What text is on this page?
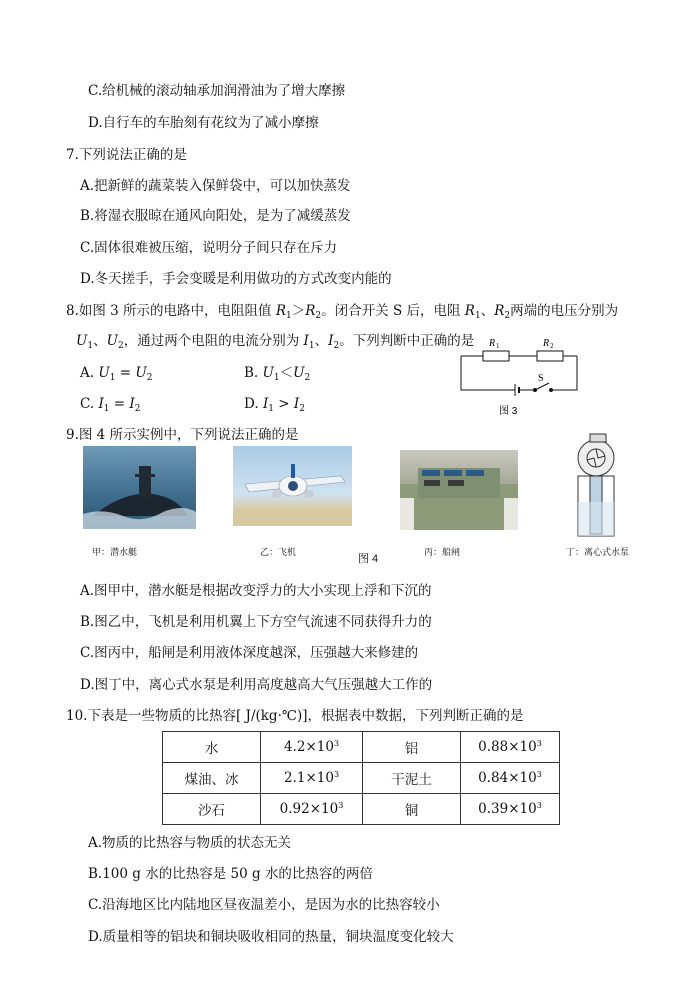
C.给机械的滚动轴承加润滑油为了增大摩擦
D.自行车的车胎刻有花纹为了减小摩擦
7.下列说法正确的是
A.把新鲜的蔬菜装入保鲜袋中，可以加快蒸发
B.将湿衣服晾在通风向阳处，是为了减缓蒸发
C.固体很难被压缩，说明分子间只存在斥力
D.冬天搓手，手会变暖是利用做功的方式改变内能的
8.如图 3 所示的电路中，电阻阻值 $R_1>R_2$。闭合开关 S 后，电阻 $R_1$、$R_2$两端的电压分别为
$U_1$、$U_2$，通过两个电阻的电流分别为 $I_1$、$I_2$。下列判断中正确的是
A. $U_1 = U_2$	B. $U_1<U_2$
C. $I_1 = I_2$	D. $I_1 > I_2$
R 1	R 2
S
图 3
9.图 4 所示实例中，下列说法正确的是
甲：潜水艇	乙：飞机	丙：船闸	丁：离心式水泵
图 4
A.图甲中，潜水艇是根据改变浮力的大小实现上浮和下沉的
B.图乙中，飞机是利用机翼上下方空气流速不同获得升力的
C.图丙中，船闸是利用液体深度越深，压强越大来修建的
D.图丁中，离心式水泵是利用高度越高大气压强越大工作的
10.下表是一些物质的比热容[ J/(kg·℃)]，根据表中数据，下列判断正确的是
水	$4.2\times 10^3$	铝	$0.88\times 10^3$
煤油、冰	$2.1\times 10^3$	干泥土	$0.84\times 10^3$
沙石	$0.92\times 10^3$	铜	$0.39\times 10^3$
A.物质的比热容与物质的状态无关
B.100 g 水的比热容是 50 g 水的比热容的两倍
C.沿海地区比内陆地区昼夜温差小，是因为水的比热容较小
D.质量相等的铝块和铜块吸收相同的热量，铜块温度变化较大
